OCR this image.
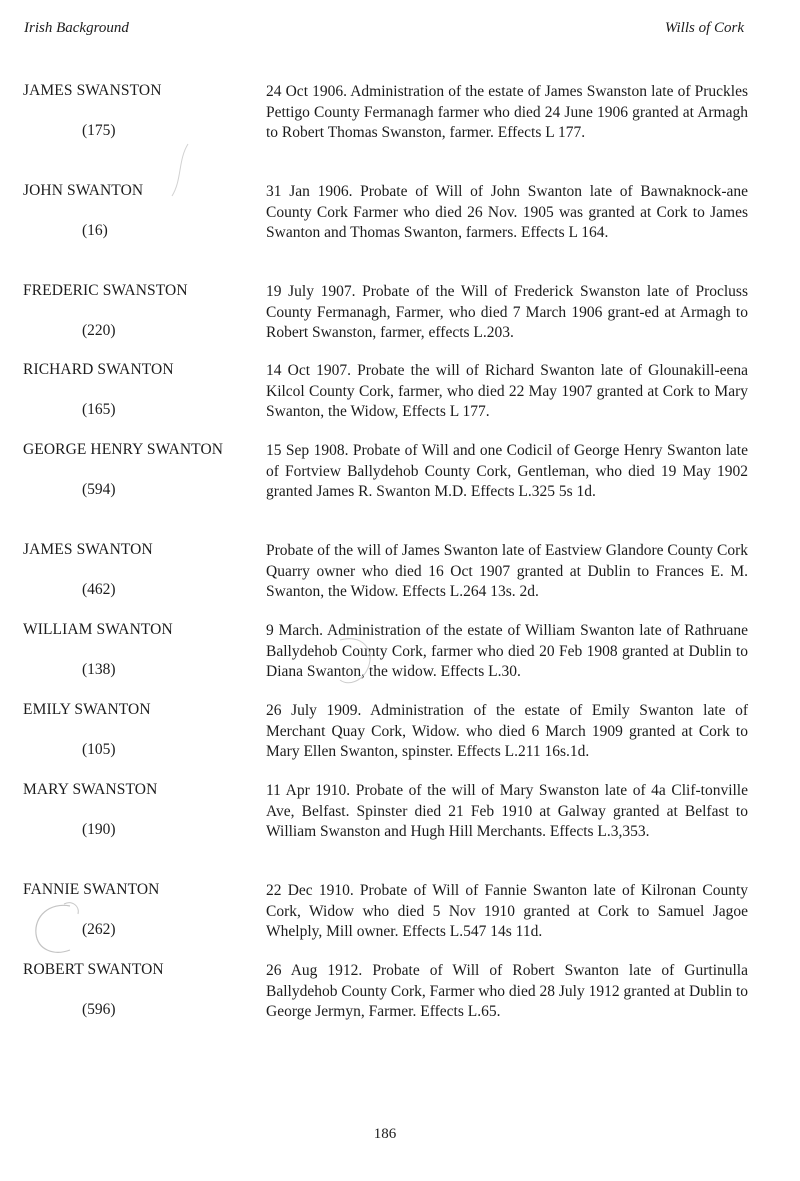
Irish Background	Wills of Cork
JAMES SWANSTON
(175)
24 Oct 1906. Administration of the estate of James Swanston late of Pruckles Pettigo County Fermanagh farmer who died 24 June 1906 granted at Armagh to Robert Thomas Swanston, farmer. Effects L 177.
JOHN SWANTON
(16)
31 Jan 1906. Probate of Will of John Swanton late of Bawnaknock-ane County Cork Farmer who died 26 Nov. 1905 was granted at Cork to James Swanton and Thomas Swanton, farmers. Effects L 164.
FREDERIC SWANSTON
(220)
19 July 1907. Probate of the Will of Frederick Swanston late of Procluss County Fermanagh, Farmer, who died 7 March 1906 grant-ed at Armagh to Robert Swanston, farmer, effects L.203.
RICHARD SWANTON
(165)
14 Oct 1907. Probate the will of Richard Swanton late of Glounakill-eena Kilcol County Cork, farmer, who died 22 May 1907 granted at Cork to Mary Swanton, the Widow, Effects L 177.
GEORGE HENRY SWANTON
(594)
15 Sep 1908. Probate of Will and one Codicil of George Henry Swanton late of Fortview Ballydehob County Cork, Gentleman, who died 19 May 1902 granted James R. Swanton M.D. Effects L.325 5s 1d.
JAMES SWANTON
(462)
Probate of the will of James Swanton late of Eastview Glandore County Cork Quarry owner who died 16 Oct 1907 granted at Dublin to Frances E. M. Swanton, the Widow. Effects L.264 13s. 2d.
WILLIAM SWANTON
(138)
9 March. Administration of the estate of William Swanton late of Rathruane Ballydehob County Cork, farmer who died 20 Feb 1908 granted at Dublin to Diana Swanton, the widow. Effects L.30.
EMILY SWANTON
(105)
26 July 1909. Administration of the estate of Emily Swanton late of Merchant Quay Cork, Widow. who died 6 March 1909 granted at Cork to Mary Ellen Swanton, spinster. Effects L.211 16s.1d.
MARY SWANSTON
(190)
11 Apr 1910. Probate of the will of Mary Swanston late of 4a Clif-tonville Ave, Belfast. Spinster died 21 Feb 1910 at Galway granted at Belfast to William Swanston and Hugh Hill Merchants. Effects L.3,353.
FANNIE SWANTON
(262)
22 Dec 1910. Probate of Will of Fannie Swanton late of Kilronan County Cork, Widow who died 5 Nov 1910 granted at Cork to Samuel Jagoe Whelply, Mill owner. Effects L.547 14s 11d.
ROBERT SWANTON
(596)
26 Aug 1912. Probate of Will of Robert Swanton late of Gurtinulla Ballydehob County Cork, Farmer who died 28 July 1912 granted at Dublin to George Jermyn, Farmer. Effects L.65.
186
